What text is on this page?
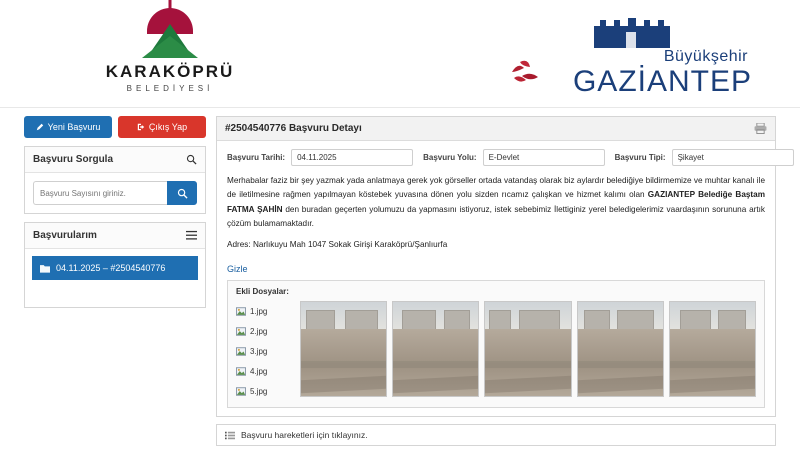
KARAKÖPRÜ
BELEDİYESİ
Büyükşehir
GAZİANTEP
Yeni Başvuru	Çıkış Yap
Başvuru Sorgula
Başvuru Sayısını giriniz.
Başvurularım
04.11.2025 – #2504540776
#2504540776 Başvuru Detayı
Başvuru Tarihi:
04.11.2025	Başvuru Yolu:
E-Devlet	Başvuru Tipi:
Şikayet
Merhabalar faziz bir şey yazmak yada anlatmaya gerek yok görseller ortada vatandaş olarak biz aylardır belediğiye bildirmemize ve muhtar kanalı ile de iletilmesine rağmen yapılmayan köstebek yuvasına dönen yolu sizden rıcamız çalışkan ve hizmet kalımı olan GAZIANTEP Belediğe Baştam FATMA ŞAHİN den buradan geçerten yolumuzu da yapmasını istiyoruz, istek sebebimiz İlettiginiz yerel beledigelerimiz vaardaşının sorununa artık çözüm bulamamaktadır.
Adres: Narlıkuyu Mah 1047 Sokak Girişi Karaköprü/Şanlıurfa
Gizle
Ekli Dosyalar:
1.jpg
2.jpg
3.jpg
4.jpg
5.jpg
Başvuru hareketleri için tıklayınız.
